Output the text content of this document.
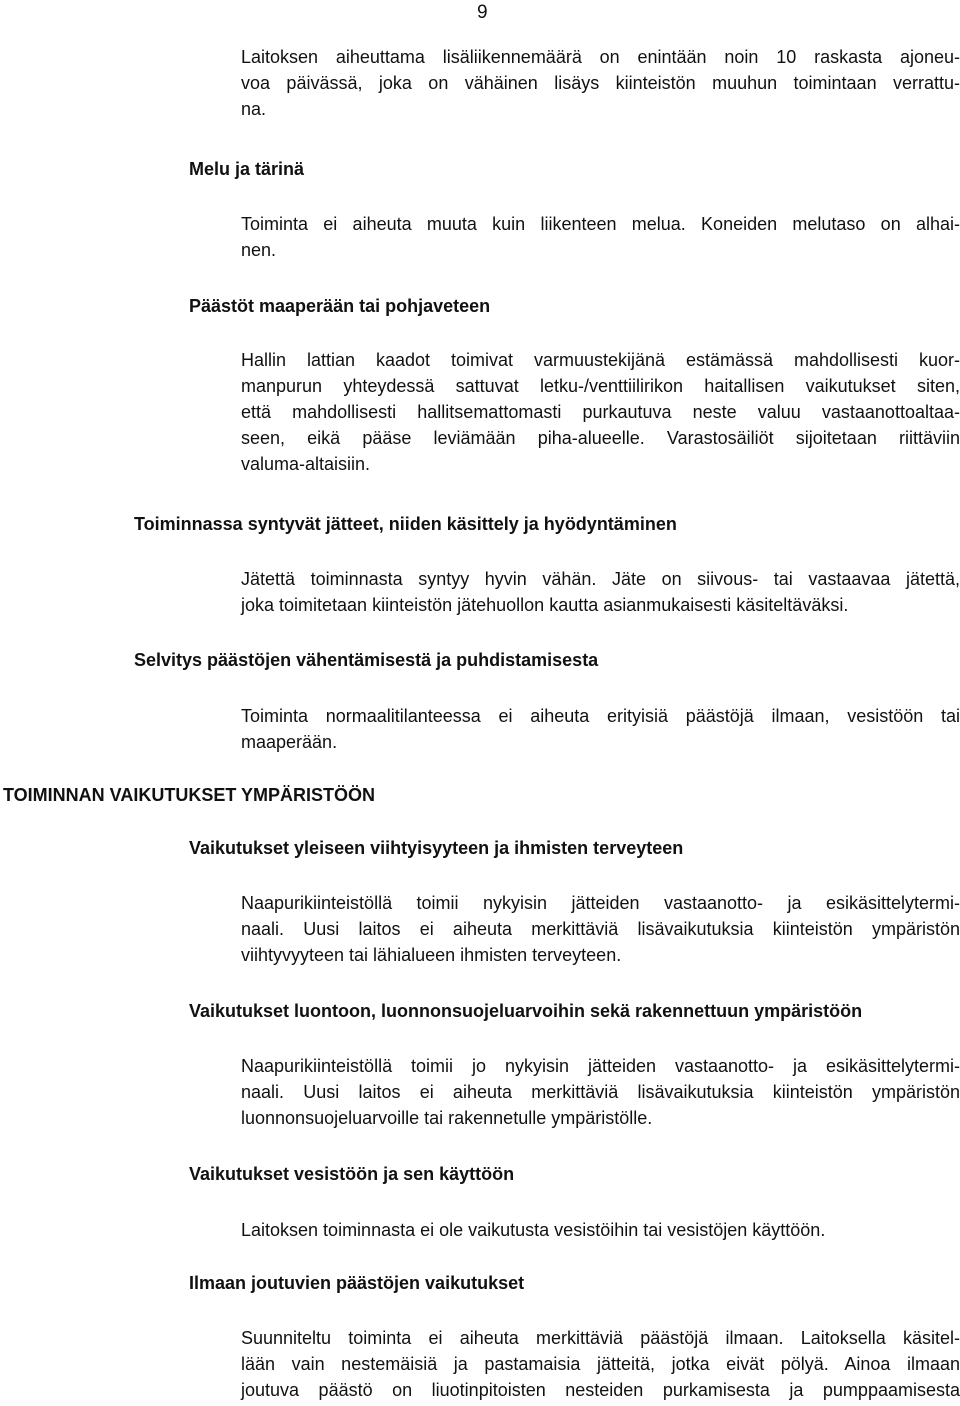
9
Laitoksen aiheuttama lisäliikennemäärä on enintään noin 10 raskasta ajoneu-
voa päivässä, joka on vähäinen lisäys kiinteistön muuhun toimintaan verrattu-
na.
Melu ja tärinä
Toiminta ei aiheuta muuta kuin liikenteen melua. Koneiden melutaso on alhai-
nen.
Päästöt maaperään tai pohjaveteen
Hallin lattian kaadot toimivat varmuustekijänä estämässä mahdollisesti kuor-
manpurun yhteydessä sattuvat letku-/venttiilirikon haitallisen vaikutukset siten,
että mahdollisesti hallitsemattomasti purkautuva neste valuu vastaanottoaltaa-
seen, eikä pääse leviämään piha-alueelle. Varastosäiliöt sijoitetaan riittäviin
valuma-altaisiin.
Toiminnassa syntyvät jätteet, niiden käsittely ja hyödyntäminen
Jätettä toiminnasta syntyy hyvin vähän. Jäte on siivous- tai vastaavaa jätettä,
joka toimitetaan kiinteistön jätehuollon kautta asianmukaisesti käsiteltäväksi.
Selvitys päästöjen vähentämisestä ja puhdistamisesta
Toiminta normaalitilanteessa ei aiheuta erityisiä päästöjä ilmaan, vesistöön tai
maaperään.
TOIMINNAN VAIKUTUKSET YMPÄRISTÖÖN
Vaikutukset yleiseen viihtyisyyteen ja ihmisten terveyteen
Naapurikiinteistöllä toimii nykyisin jätteiden vastaanotto- ja esikäsittelytermi-
naali. Uusi laitos ei aiheuta merkittäviä lisävaikutuksia kiinteistön ympäristön
viihtyvyyteen tai lähialueen ihmisten terveyteen.
Vaikutukset luontoon, luonnonsuojeluarvoihin sekä rakennettuun ympäristöön
Naapurikiinteistöllä toimii jo nykyisin jätteiden vastaanotto- ja esikäsittelytermi-
naali. Uusi laitos ei aiheuta merkittäviä lisävaikutuksia kiinteistön ympäristön
luonnonsuojeluarvoille tai rakennetulle ympäristölle.
Vaikutukset vesistöön ja sen käyttöön
Laitoksen toiminnasta ei ole vaikutusta vesistöihin tai vesistöjen käyttöön.
Ilmaan joutuvien päästöjen vaikutukset
Suunniteltu toiminta ei aiheuta merkittäviä päästöjä ilmaan. Laitoksella käsitel-
lään vain nestemäisiä ja pastamaisia jätteitä, jotka eivät pölyä. Ainoa ilmaan
joutuva päästö on liuotinpitoisten nesteiden purkamisesta ja pumppaamisesta
